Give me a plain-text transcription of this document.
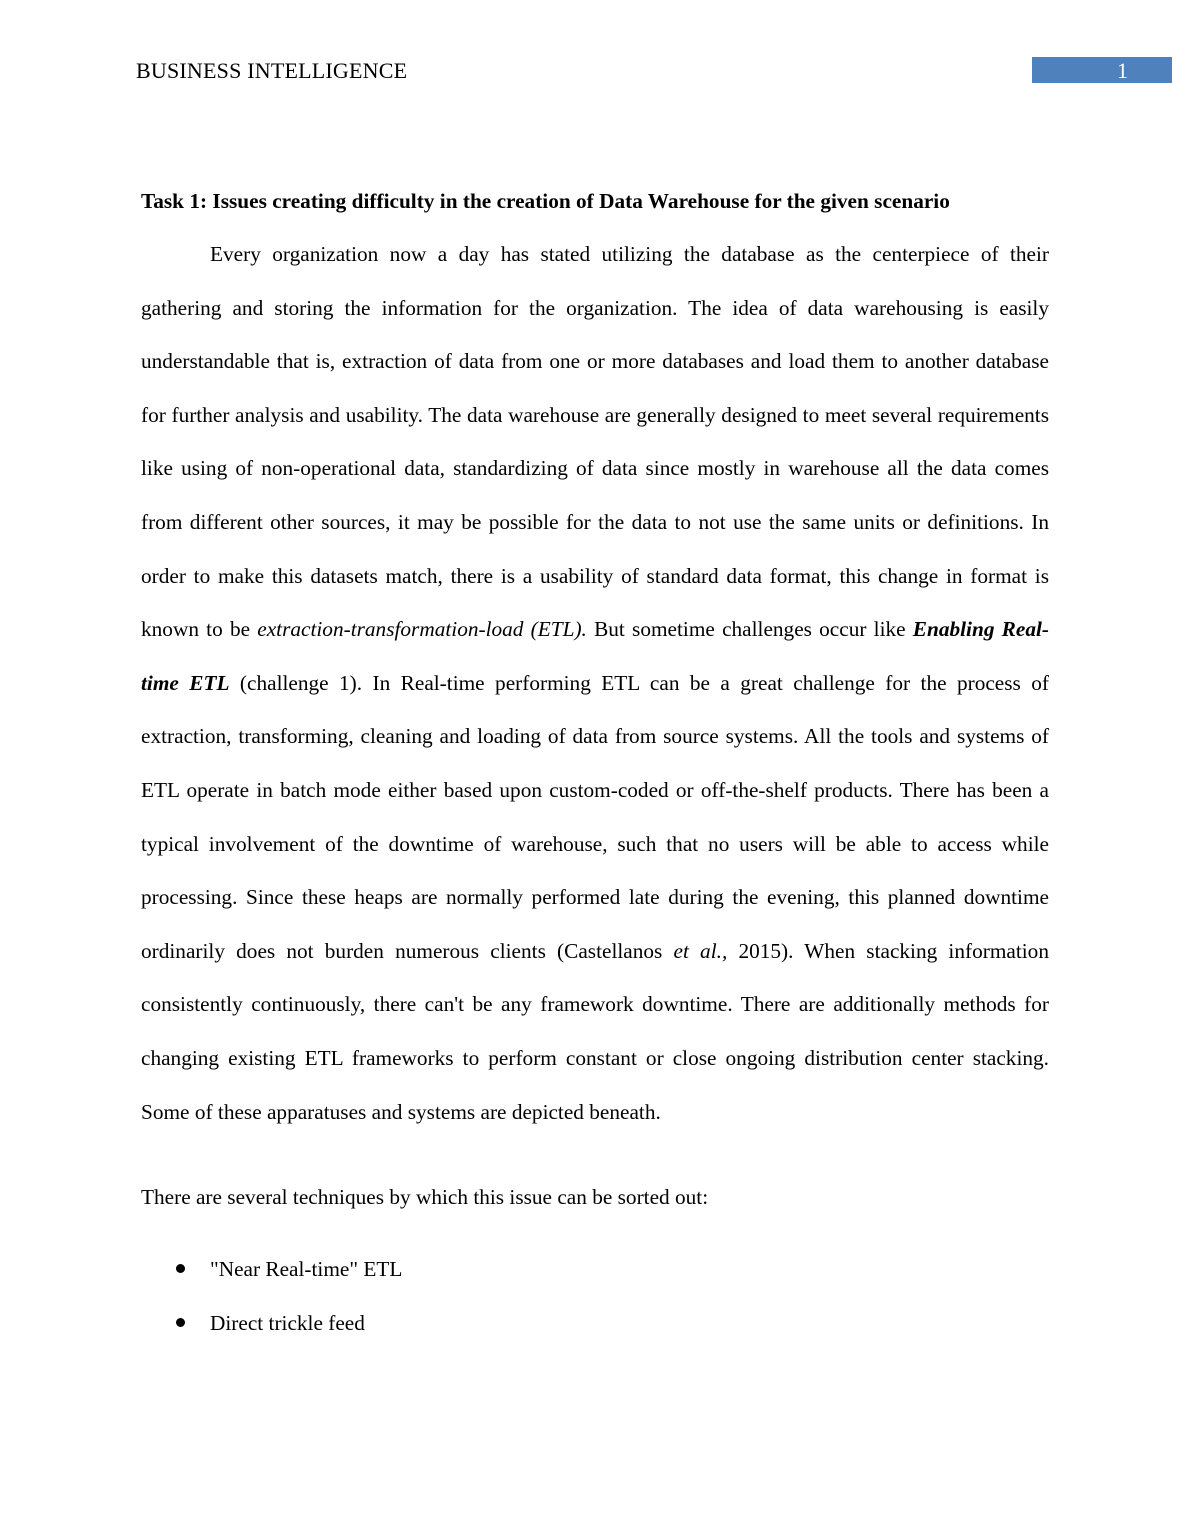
BUSINESS INTELLIGENCE	1

Task 1: Issues creating difficulty in the creation of Data Warehouse for the given scenario

Every organization now a day has stated utilizing the database as the centerpiece of their gathering and storing the information for the organization. The idea of data warehousing is easily understandable that is, extraction of data from one or more databases and load them to another database for further analysis and usability. The data warehouse are generally designed to meet several requirements like using of non-operational data, standardizing of data since mostly in warehouse all the data comes from different other sources, it may be possible for the data to not use the same units or definitions. In order to make this datasets match, there is a usability of standard data format, this change in format is known to be extraction-transformation-load (ETL). But sometime challenges occur like Enabling Real-time ETL (challenge 1). In Real-time performing ETL can be a great challenge for the process of extraction, transforming, cleaning and loading of data from source systems. All the tools and systems of ETL operate in batch mode either based upon custom-coded or off-the-shelf products. There has been a typical involvement of the downtime of warehouse, such that no users will be able to access while processing. Since these heaps are normally performed late during the evening, this planned downtime ordinarily does not burden numerous clients (Castellanos et al., 2015). When stacking information consistently continuously, there can't be any framework downtime. There are additionally methods for changing existing ETL frameworks to perform constant or close ongoing distribution center stacking. Some of these apparatuses and systems are depicted beneath.

There are several techniques by which this issue can be sorted out:

"Near Real-time" ETL
Direct trickle feed
